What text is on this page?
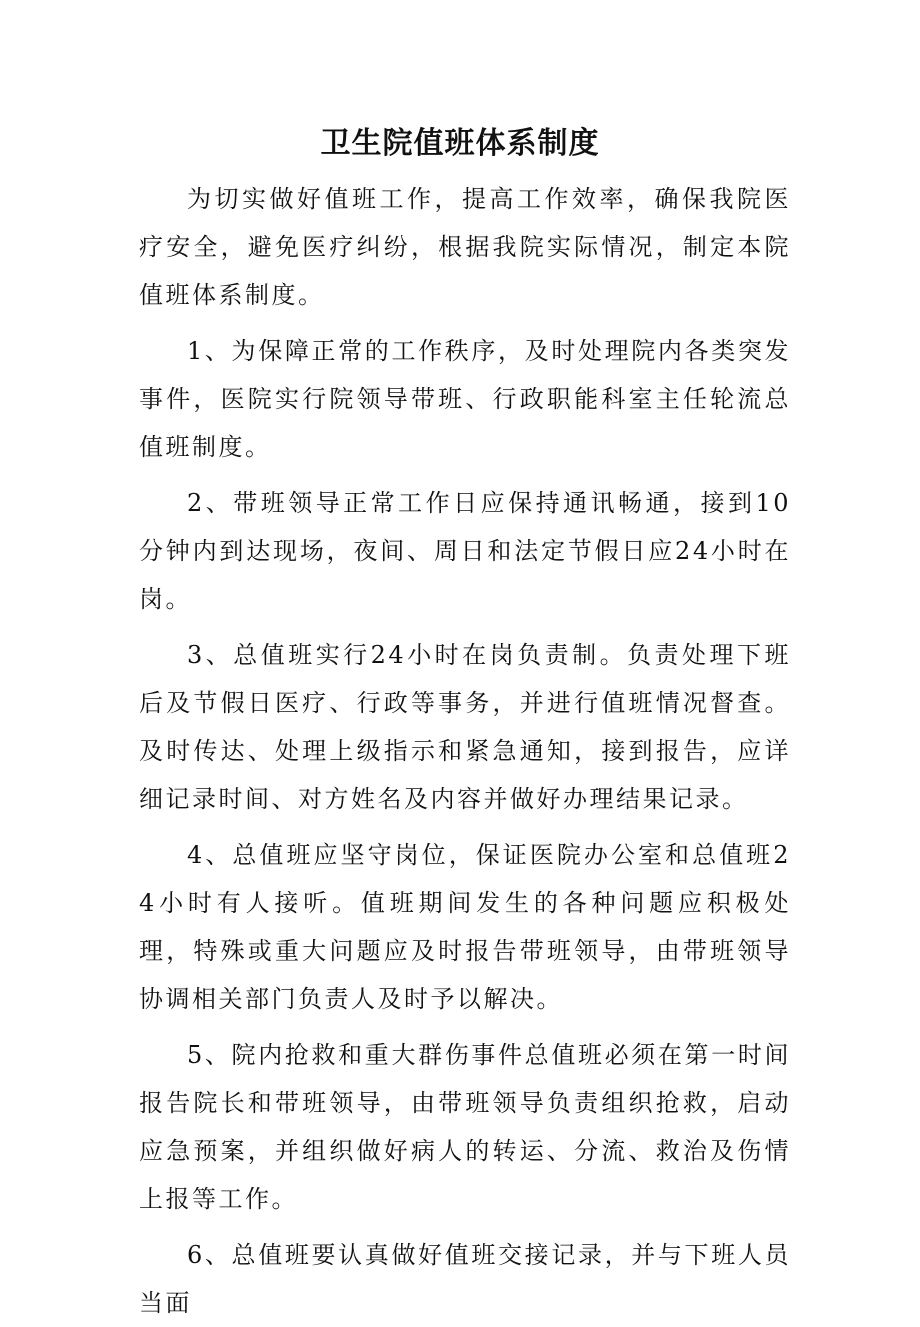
卫生院值班体系制度

为切实做好值班工作，提高工作效率，确保我院医疗安全，避免医疗纠纷，根据我院实际情况，制定本院值班体系制度。

1、为保障正常的工作秩序，及时处理院内各类突发事件，医院实行院领导带班、行政职能科室主任轮流总值班制度。

2、带班领导正常工作日应保持通讯畅通，接到10分钟内到达现场，夜间、周日和法定节假日应24小时在岗。

3、总值班实行24小时在岗负责制。负责处理下班后及节假日医疗、行政等事务，并进行值班情况督查。及时传达、处理上级指示和紧急通知，接到报告，应详细记录时间、对方姓名及内容并做好办理结果记录。

4、总值班应坚守岗位，保证医院办公室和总值班24小时有人接听。值班期间发生的各种问题应积极处理，特殊或重大问题应及时报告带班领导，由带班领导协调相关部门负责人及时予以解决。

5、院内抢救和重大群伤事件总值班必须在第一时间报告院长和带班领导，由带班领导负责组织抢救，启动应急预案，并组织做好病人的转运、分流、救治及伤情上报等工作。

6、总值班要认真做好值班交接记录，并与下班人员当面
